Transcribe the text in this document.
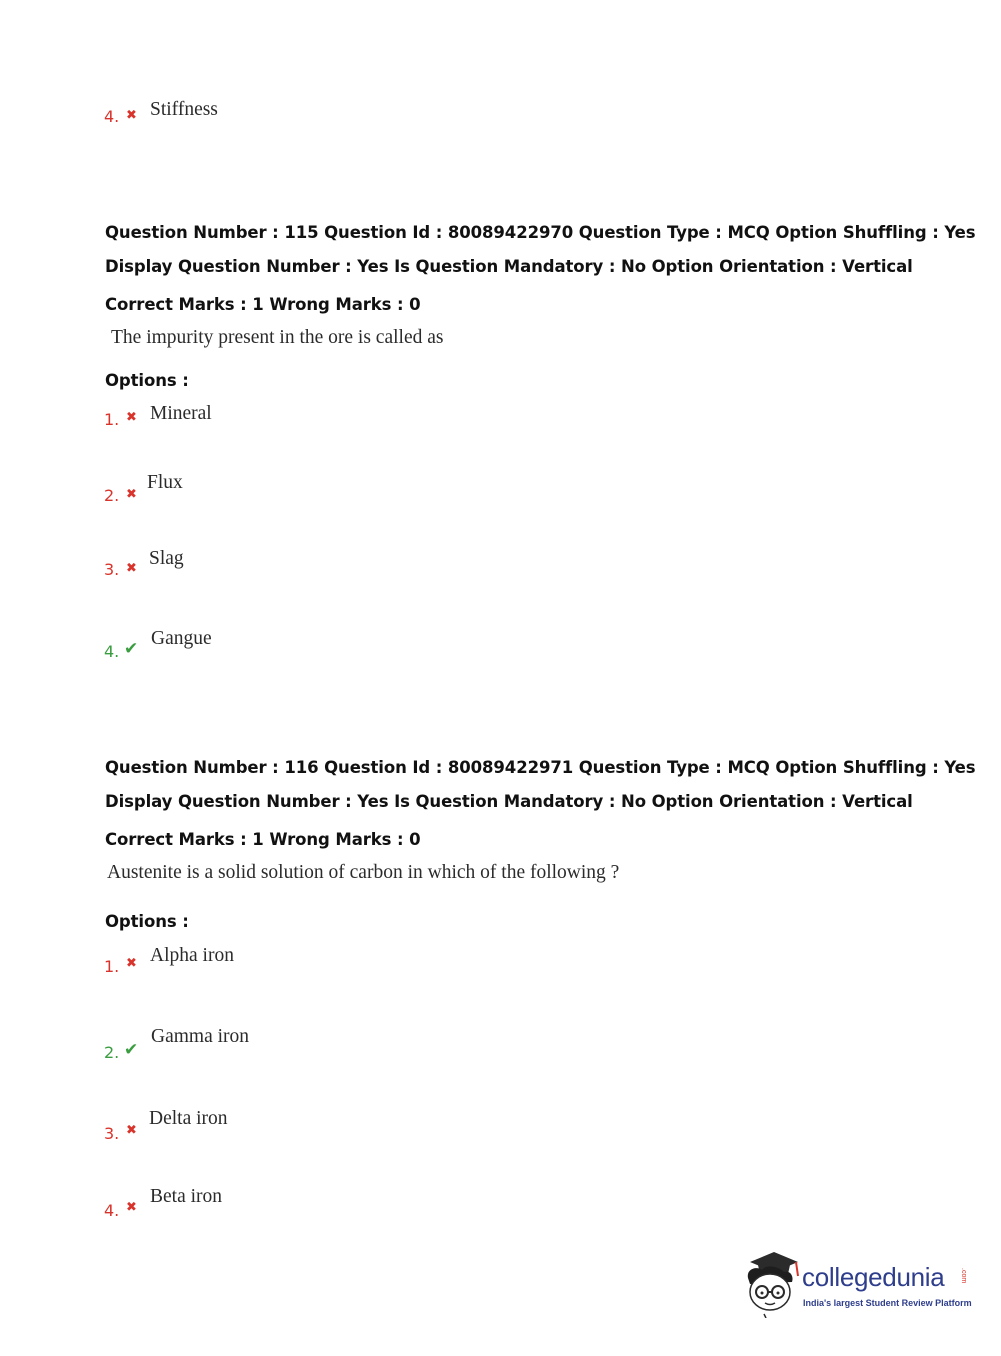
4. ✖ Stiffness
Question Number : 115 Question Id : 80089422970 Question Type : MCQ Option Shuffling : Yes
Display Question Number : Yes Is Question Mandatory : No Option Orientation : Vertical
Correct Marks : 1 Wrong Marks : 0
The impurity present in the ore is called as
Options :
1. ✖ Mineral
2. ✖
Flux
3. ✖ Slag
4. ✔ Gangue
Question Number : 116 Question Id : 80089422971 Question Type : MCQ Option Shuffling : Yes
Display Question Number : Yes Is Question Mandatory : No Option Orientation : Vertical
Correct Marks : 1 Wrong Marks : 0
Austenite is a solid solution of carbon in which of the following ?
Options :
1. ✖ Alpha iron
2. ✔
Gamma iron
3. ✖
Delta iron
4. ✖
Beta iron
collegedunia .com
India's largest Student Review Platform
